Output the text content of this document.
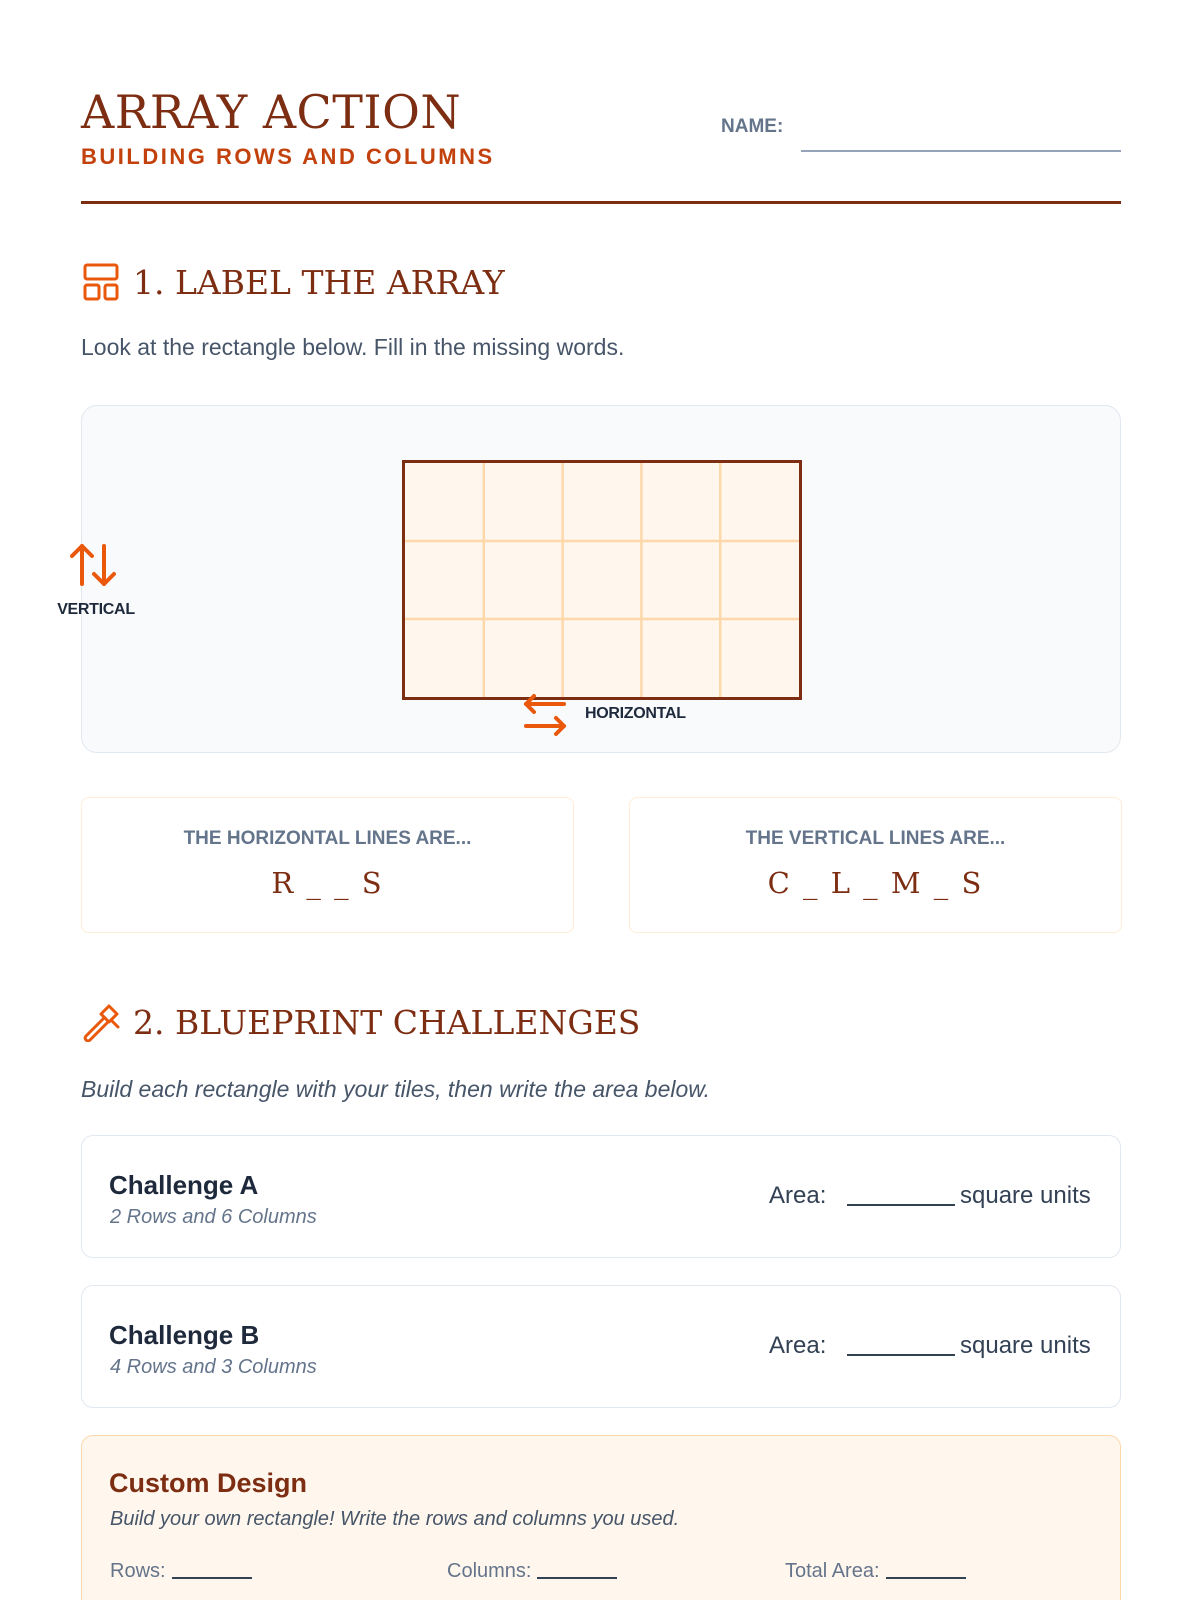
ARRAY ACTION
BUILDING ROWS AND COLUMNS
NAME:
1. LABEL THE ARRAY
Look at the rectangle below. Fill in the missing words.
VERTICAL
HORIZONTAL
THE HORIZONTAL LINES ARE...
R _ _ S
THE VERTICAL LINES ARE...
C _ L _ M _ S
2. BLUEPRINT CHALLENGES
Build each rectangle with your tiles, then write the area below.
Challenge A
2 Rows and 6 Columns
Area:	square units
Challenge B
4 Rows and 3 Columns
Area:	square units
Custom Design
Build your own rectangle! Write the rows and columns you used.
Rows:	Columns:	Total Area:
